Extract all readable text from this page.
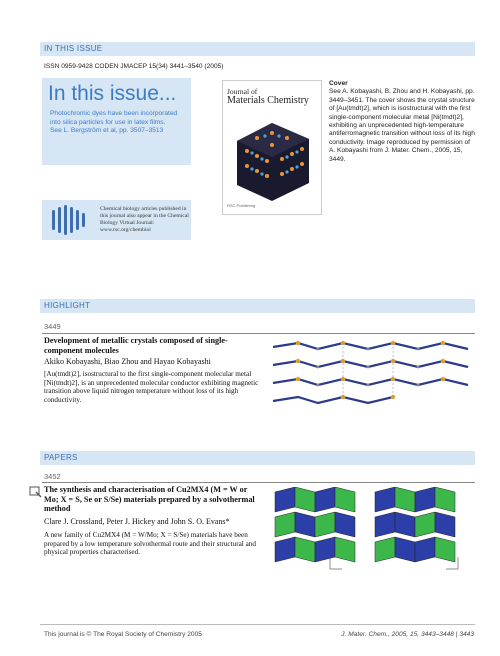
IN THIS ISSUE
ISSN 0959-9428 CODEN JMACEP 15(34) 3441–3540 (2005)
In this issue...
Photochromic dyes have been incorporated into silica particles for use in latex films.
See L. Bergström et al, pp. 3507–3513
Chemical biology articles published in this journal also appear in the Chemical Biology Virtual Journal: www.rsc.org/chembiol
Journal of
Materials Chemistry
RSC Publishing
Cover
See A. Kobayashi, B. Zhou and H. Kobayashi, pp. 3449–3451. The cover shows the crystal structure of [Au(tmdt)2], which is isostructural with the first single-component molecular metal [Ni(tmdt)2], exhibiting an unprecedented high-temperature antiferromagnetic transition without loss of its high conductivity. Image reproduced by permission of A. Kobayashi from J. Mater. Chem., 2005, 15, 3449.
HIGHLIGHT
3449
Development of metallic crystals composed of single-component molecules
Akiko Kobayashi, Biao Zhou and Hayao Kobayashi
[Au(tmdt)2], isostructural to the first single-component molecular metal [Ni(tmdt)2], is an unprecedented molecular conductor exhibiting magnetic transition above liquid nitrogen temperature without loss of its high conductivity.
PAPERS
3452
The synthesis and characterisation of Cu2MX4 (M = W or Mo; X = S, Se or S/Se) materials prepared by a solvothermal method
Clare J. Crossland, Peter J. Hickey and John S. O. Evans*
A new family of Cu2MX4 (M = W/Mo; X = S/Se) materials have been prepared by a low temperature solvothermal route and their structural and physical properties characterised.
This journal is © The Royal Society of Chemistry 2005	J. Mater. Chem., 2005, 15, 3443–3448 | 3443
